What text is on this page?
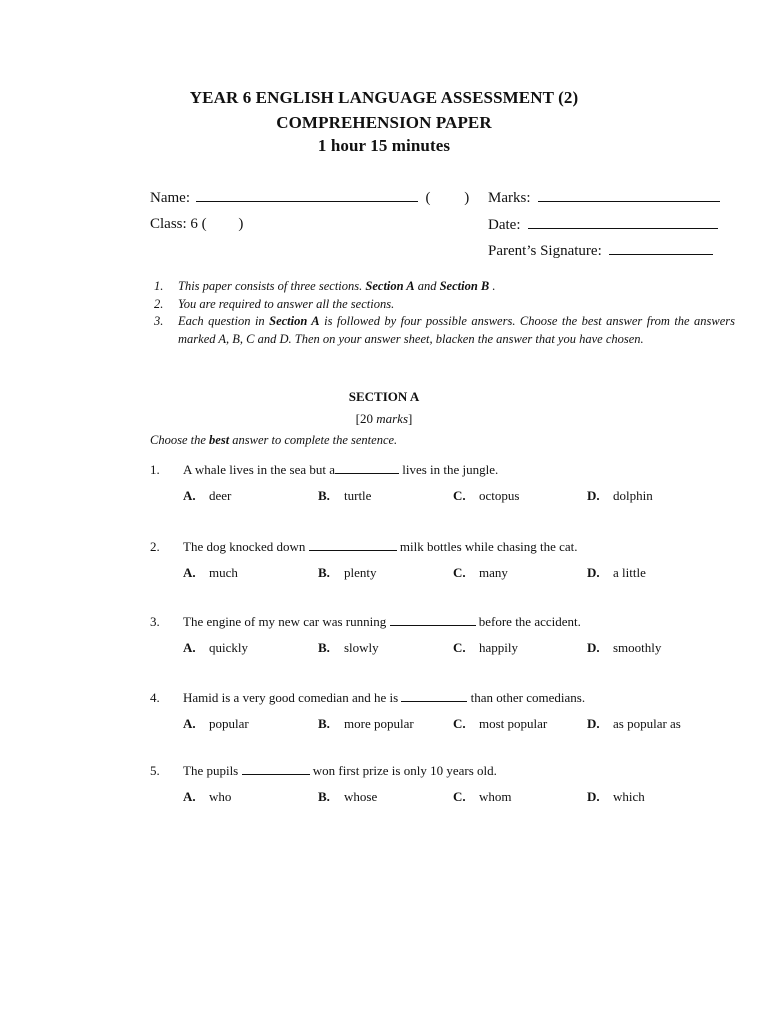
YEAR 6 ENGLISH LANGUAGE ASSESSMENT (2)
COMPREHENSION PAPER
1 hour 15 minutes
Name:	( ) Marks:
Class: 6 ( )	Date:
Parent’s Signature:
1. This paper consists of three sections. Section A and Section B .
2. You are required to answer all the sections.
3. Each question in Section A is followed by four possible answers. Choose the best answer from the answers marked A, B, C and D. Then on your answer sheet, blacken the answer that you have chosen.
SECTION A
[20 marks]
Choose the best answer to complete the sentence.
1. A whale lives in the sea but a	lives in the jungle.
A. deer	B. turtle	C. octopus	D. dolphin
2. The dog knocked down	milk bottles while chasing the cat.
A. much	B. plenty	C. many	D. a little
3. The engine of my new car was running	before the accident.
A. quickly	B. slowly	C. happily	D. smoothly
4. Hamid is a very good comedian and he is	than other comedians.
A. popular	B. more popular	C. most popular	D. as popular as
5. The pupils	won first prize is only 10 years old.
A. who	B. whose	C. whom	D. which
